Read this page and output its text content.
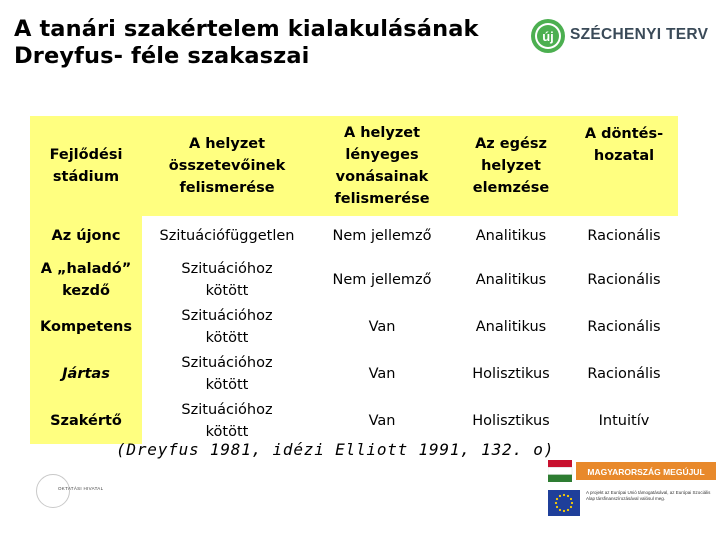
A tanári szakértelem kialakulásának
Dreyfus- féle szakaszai
új SZÉCHENYI TERV
Fejlődési stádium	A helyzet összetevőinek felismerése	A helyzet lényeges vonásainak felismerése	Az egész helyzet elemzése	A döntés-hozatal

Az újonc	Szituációfüggetlen	Nem jellemző	Analitikus	Racionális

A „haladó” kezdő	Szituációhoz kötött	Nem jellemző	Analitikus	Racionális
Kompetens	Szituációhoz kötött	Van	Analitikus	Racionális
Jártas	Szituációhoz kötött	Van	Holisztikus	Racionális
Szakértő	Szituációhoz kötött	Van	Holisztikus	Intuitív
(Dreyfus 1981, idézi Elliott 1991, 132. o)
OKTATÁSI HIVATAL
MAGYARORSZÁG MEGÚJUL
A projekt az Európai Unió támogatásával, az Európai Szociális Alap társfinanszírozásával valósul meg.
